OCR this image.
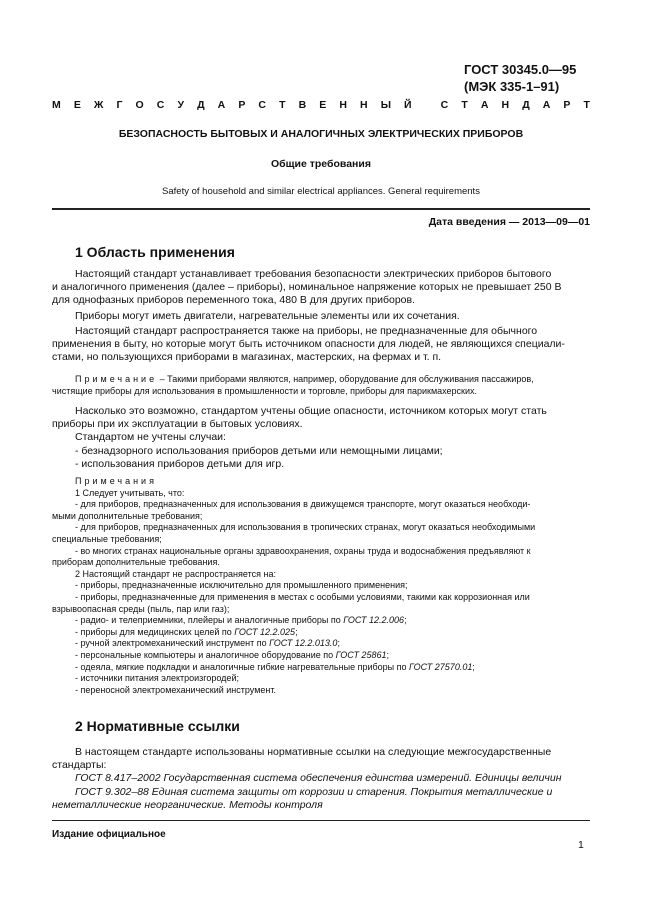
ГОСТ 30345.0—95
(МЭК 335-1–91)
М Е Ж Г О С У Д А Р С Т В Е Н Н Ы Й
	С Т А Н Д А Р Т
БЕЗОПАСНОСТЬ БЫТОВЫХ И АНАЛОГИЧНЫХ ЭЛЕКТРИЧЕСКИХ ПРИБОРОВ
Общие требования
Safety of household and similar electrical appliances. General requirements
Дата введения — 2013—09—01
1 Область применения

Настоящий стандарт устанавливает требования безопасности электрических приборов бытового

и аналогичного применения (далее – приборы), номинальное напряжение которых не превышает 250 В

для однофазных приборов переменного тока, 480 В для других приборов.

Приборы могут иметь двигатели, нагревательные элементы или их сочетания.

Настоящий стандарт распространяется также на приборы, не предназначенные для обычного

применения в быту, но которые могут быть источником опасности для людей, не являющихся специали-

стами, но пользующихся приборами в магазинах, мастерских, на фермах и т. п.

Примечание – Такими приборами являются, например, оборудование для обслуживания пассажиров,

чистящие приборы для использования в промышленности и торговле, приборы для парикмахерских.

Насколько это возможно, стандартом учтены общие опасности, источником которых могут стать

приборы при их эксплуатации в бытовых условиях.

Стандартом не учтены случаи:

- безнадзорного использования приборов детьми или немощными лицами;

- использования приборов детьми для игр.

Примечания

1 Следует учитывать, что:

- для приборов, предназначенных для использования в движущемся транспорте, могут оказаться необходи-

мыми дополнительные требования;

- для приборов, предназначенных для использования в тропических странах, могут оказаться необходимыми

специальные требования;

- во многих странах национальные органы здравоохранения, охраны труда и водоснабжения предъявляют к

приборам дополнительные требования.

2 Настоящий стандарт не распространяется на:

- приборы, предназначенные исключительно для промышленного применения;

- приборы, предназначенные для применения в местах с особыми условиями, такими как коррозионная или

взрывоопасная среды (пыль, пар или газ);

- радио- и телеприемники, плейеры и аналогичные приборы по ГОСТ 12.2.006;

- приборы для медицинских целей по ГОСТ 12.2.025;

- ручной электромеханический инструмент по ГОСТ 12.2.013.0;

- персональные компьютеры и аналогичное оборудование по ГОСТ 25861;

- одеяла, мягкие подкладки и аналогичные гибкие нагревательные приборы по ГОСТ 27570.01;

- источники питания электроизгородей;

- переносной электромеханический инструмент.

2 Нормативные ссылки

В настоящем стандарте использованы нормативные ссылки на следующие межгосударственные

стандарты:

ГОСТ 8.417–2002 Государственная система обеспечения единства измерений. Единицы величин

ГОСТ 9.302–88 Единая система защиты от коррозии и старения. Покрытия металлические и

неметаллические неорганические. Методы контроля

Издание официальное
1
